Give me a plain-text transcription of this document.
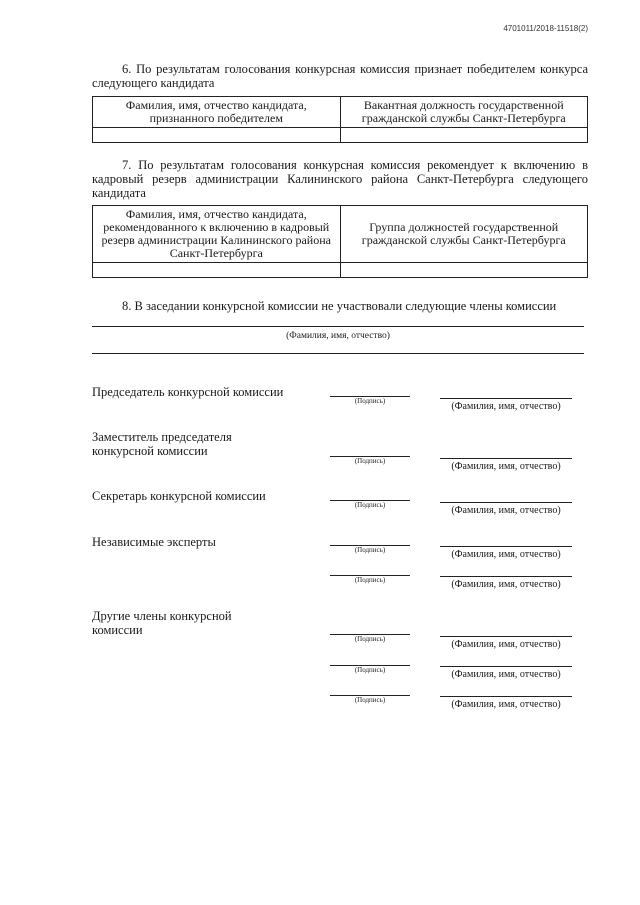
4701011/2018-11518(2)
6. По результатам голосования конкурсная комиссия признает победителем конкурса следующего кандидата
Фамилия, имя, отчество кандидата, признанного победителем	Вакантная должность государственной гражданской службы Санкт-Петербурга

7. По результатам голосования конкурсная комиссия рекомендует к включению в кадровый резерв администрации Калининского района Санкт-Петербурга следующего кандидата
Фамилия, имя, отчество кандидата, рекомендованного к включению в кадровый резерв администрации Калининского района Санкт-Петербурга	Группа должностей государственной гражданской службы Санкт-Петербурга

8. В заседании конкурсной комиссии не участвовали следующие члены комиссии
(Фамилия, имя, отчество)
Председатель конкурсной комиссии
(Подпись)	(Фамилия, имя, отчество)
Заместитель председателя конкурсной комиссии
(Подпись)	(Фамилия, имя, отчество)
Секретарь конкурсной комиссии
(Подпись)	(Фамилия, имя, отчество)
Независимые эксперты
(Подпись)	(Фамилия, имя, отчество)
(Подпись)	(Фамилия, имя, отчество)
Другие члены конкурсной комиссии
(Подпись)	(Фамилия, имя, отчество)
(Подпись)	(Фамилия, имя, отчество)
(Подпись)	(Фамилия, имя, отчество)
